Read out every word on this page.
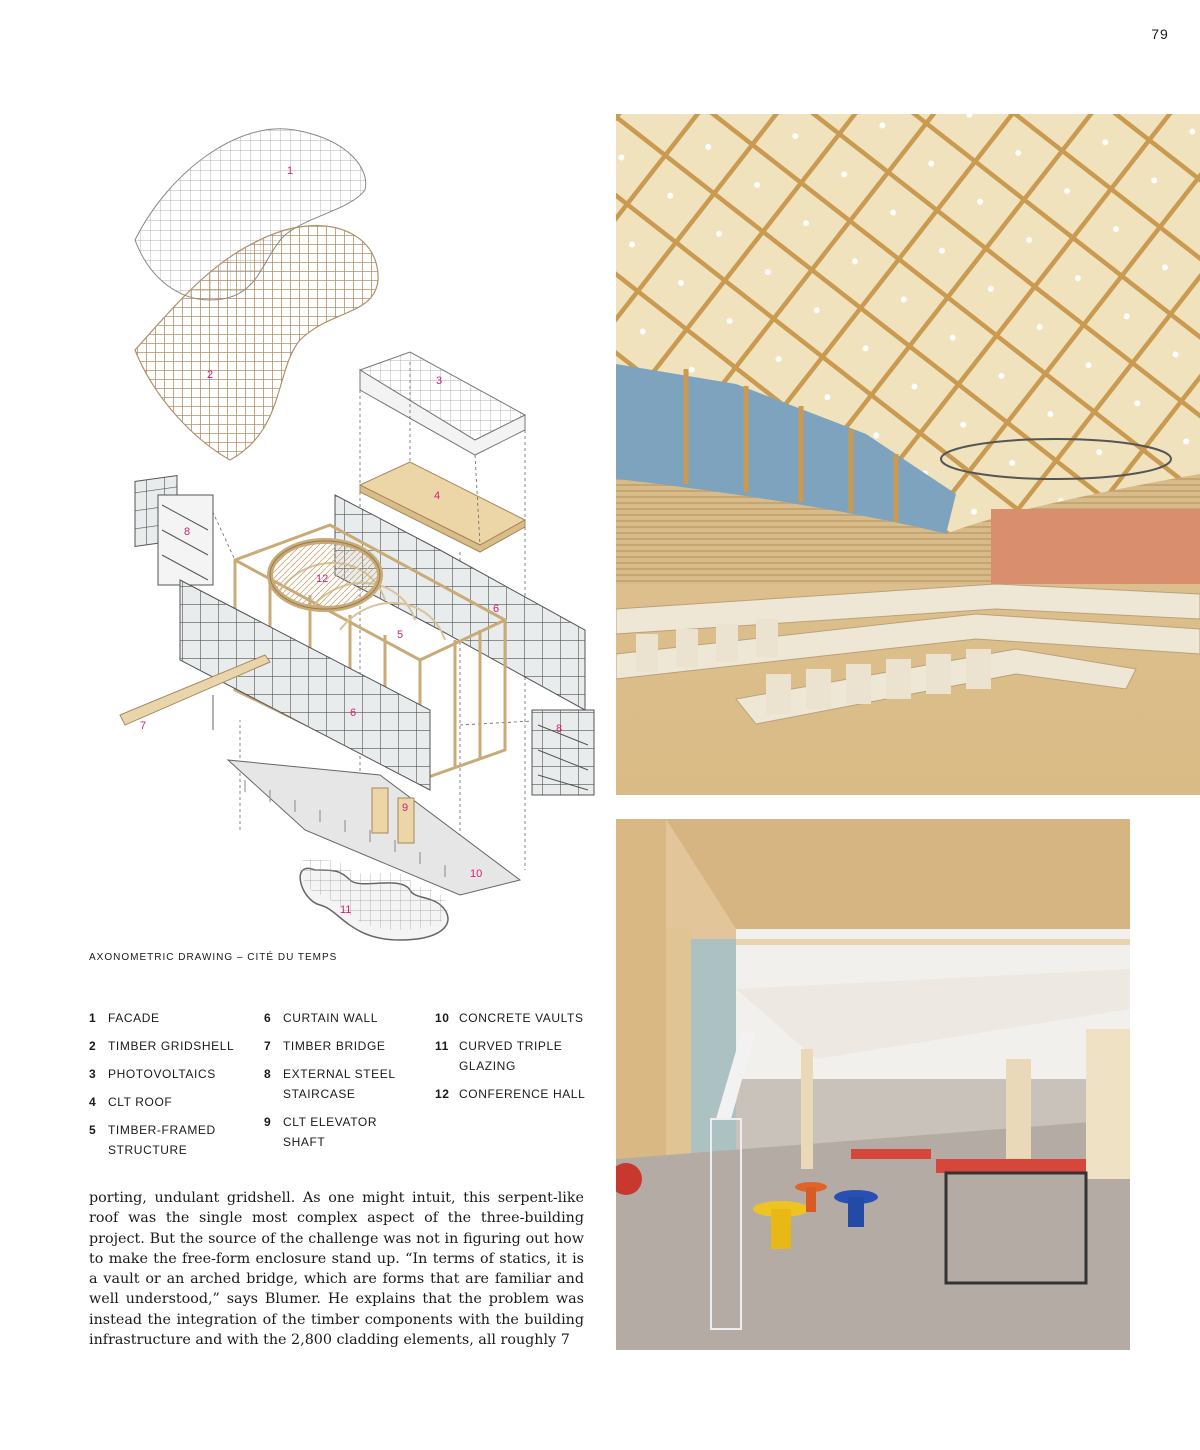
79
1
2	3
4
5
6
6
7
8
8
9
10
11
12
AXONOMETRIC DRAWING – CITÉ DU TEMPS
1 FACADE
2 TIMBER GRIDSHELL
3 PHOTOVOLTAICS
4 CLT ROOF
5 TIMBER-FRAMED STRUCTURE
6 CURTAIN WALL
7 TIMBER BRIDGE
8 EXTERNAL STEEL STAIRCASE
9 CLT ELEVATOR SHAFT
10 CONCRETE VAULTS
11 CURVED TRIPLE GLAZING
12 CONFERENCE HALL
porting, undulant gridshell. As one might intuit, this serpent-like roof was the single most complex aspect of the three-building project. But the source of the challenge was not in figuring out how to make the free-form enclosure stand up. “In terms of statics, it is a vault or an arched bridge, which are forms that are familiar and well understood,” says Blumer. He explains that the problem was instead the integration of the timber components with the building infrastructure and with the 2,800 cladding elements, all roughly 7
